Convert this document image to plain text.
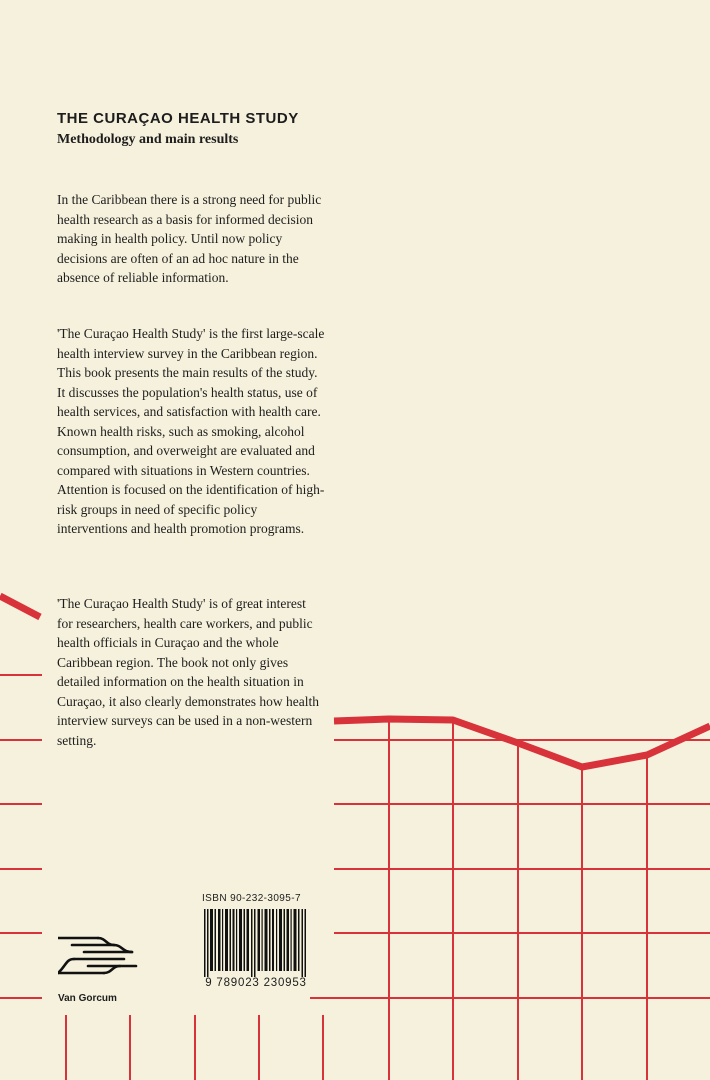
THE CURAÇAO HEALTH STUDY
Methodology and main results

In the Caribbean there is a strong need for public health research as a basis for informed decision making in health policy. Until now policy decisions are often of an ad hoc nature in the absence of reliable information.

'The Curaçao Health Study' is the first large-scale health interview survey in the Caribbean region. This book presents the main results of the study. It discusses the population's health status, use of health services, and satisfaction with health care. Known health risks, such as smoking, alcohol consumption, and overweight are evaluated and compared with situations in Western countries. Attention is focused on the identification of high-risk groups in need of specific policy interventions and health promotion programs.

'The Curaçao Health Study' is of great interest for researchers, health care workers, and public health officials in Curaçao and the whole Caribbean region. The book not only gives detailed information on the health situation in Curaçao, it also clearly demonstrates how health interview surveys can be used in a non-western setting.

ISBN 90-232-3095-7
9 789023 230953
Van Gorcum
